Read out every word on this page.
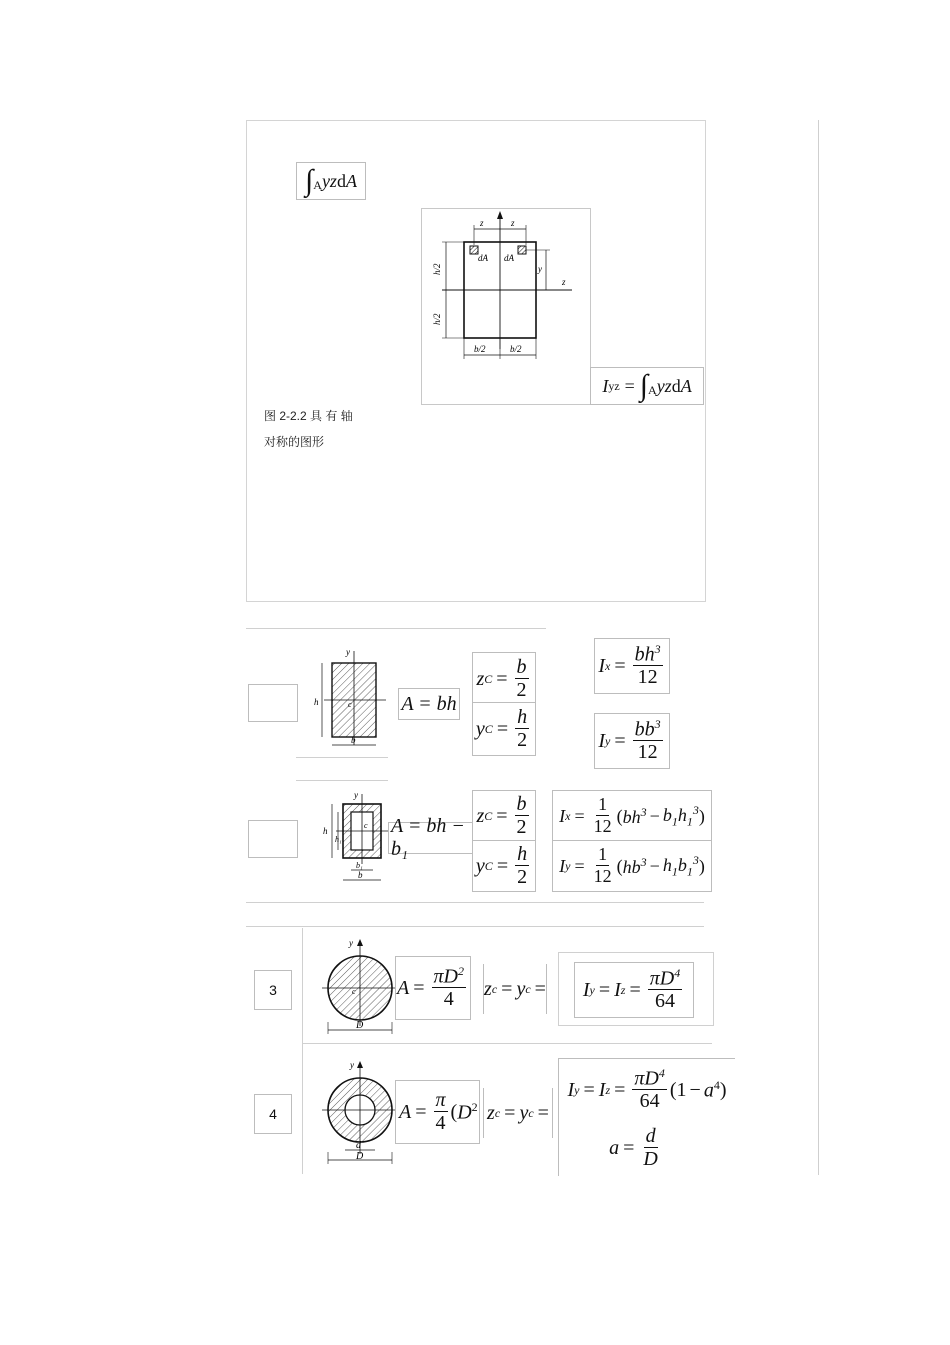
$\int_A$ yz d A
z	z
dA dA
y
z
h/2
h/2
b/2	b/2
I yz = $\int_A$ yz d A
图 2-2.2 具 有 轴
对称的图形
y
h
b
c A = bh
z $C = \frac{b}{2}$
y $C = \frac{h}{2}$
I $x = \frac{bh^3}{12}$
I $y = \frac{bb^3}{12}$
y
h
h₁
b₁
b
c A = bh − b₁
z $C = \frac{b}{2}$
y $C = \frac{h}{2}$
I $x = \frac{1}{12}$ ( $bh^3 - b_1h_1^3$ )
I $y = \frac{1}{12}$ ( $hb^3 - h_1b_1^3$ )
3
y
D
c $A = \frac{\pi D^2}{4}$ z c = y c = I y = I $z = \frac{\pi D^4}{64}$
4
y
d
D
$A = \frac{\pi}{4}$ ( $D^2$ z c = y c =
I y = I $z = \frac{\pi D^4}{64} (1 - a^4$ )
$a = \frac{d}{D}$
